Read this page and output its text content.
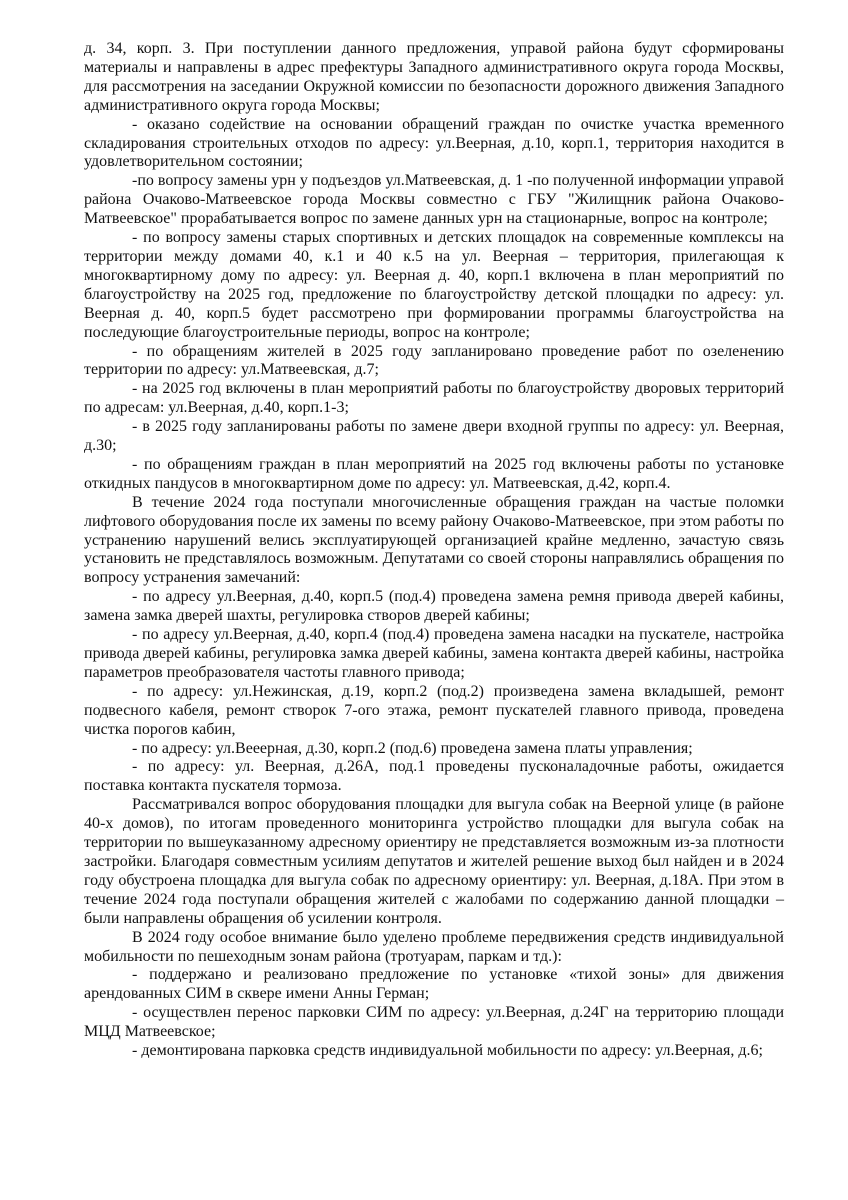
д. 34, корп. 3. При поступлении данного предложения, управой района будут сформированы материалы и направлены в адрес префектуры Западного административного округа города Москвы, для рассмотрения на заседании Окружной комиссии по безопасности дорожного движения Западного административного округа города Москвы;

- оказано содействие на основании обращений граждан по очистке участка временного складирования строительных отходов по адресу: ул.Веерная, д.10, корп.1, территория находится в удовлетворительном состоянии;

-по вопросу замены урн у подъездов ул.Матвеевская, д. 1 -по полученной информации управой района Очаково-Матвеевское города Москвы совместно с ГБУ "Жилищник района Очаково-Матвеевское" прорабатывается вопрос по замене данных урн на стационарные, вопрос на контроле;

- по вопросу замены старых спортивных и детских площадок на современные комплексы на территории между домами 40, к.1 и 40 к.5 на ул. Веерная – территория, прилегающая к многоквартирному дому по адресу: ул. Веерная д. 40, корп.1 включена в план мероприятий по благоустройству на 2025 год, предложение по благоустройству детской площадки по адресу: ул. Веерная д. 40, корп.5 будет рассмотрено при формировании программы благоустройства на последующие благоустроительные периоды, вопрос на контроле;

- по обращениям жителей в 2025 году запланировано проведение работ по озеленению территории по адресу: ул.Матвеевская, д.7;

- на 2025 год включены в план мероприятий работы по благоустройству дворовых территорий по адресам: ул.Веерная, д.40, корп.1-3;

- в 2025 году запланированы работы по замене двери входной группы по адресу: ул. Веерная, д.30;

- по обращениям граждан в план мероприятий на 2025 год включены работы по установке откидных пандусов в многоквартирном доме по адресу: ул. Матвеевская, д.42, корп.4.

В течение 2024 года поступали многочисленные обращения граждан на частые поломки лифтового оборудования после их замены по всему району Очаково-Матвеевское, при этом работы по устранению нарушений велись эксплуатирующей организацией крайне медленно, зачастую связь установить не представлялось возможным. Депутатами со своей стороны направлялись обращения по вопросу устранения замечаний:

- по адресу ул.Веерная, д.40, корп.5 (под.4) проведена замена ремня привода дверей кабины, замена замка дверей шахты, регулировка створов дверей кабины;

- по адресу ул.Веерная, д.40, корп.4 (под.4) проведена замена насадки на пускателе, настройка привода дверей кабины, регулировка замка дверей кабины, замена контакта дверей кабины, настройка параметров преобразователя частоты главного привода;

- по адресу: ул.Нежинская, д.19, корп.2 (под.2) произведена замена вкладышей, ремонт подвесного кабеля, ремонт створок 7-ого этажа, ремонт пускателей главного привода, проведена чистка порогов кабин,

- по адресу: ул.Вееерная, д.30, корп.2 (под.6) проведена замена платы управления;

- по адресу: ул. Веерная, д.26А, под.1 проведены пусконаладочные работы, ожидается поставка контакта пускателя тормоза.

Рассматривался вопрос оборудования площадки для выгула собак на Веерной улице (в районе 40-х домов), по итогам проведенного мониторинга устройство площадки для выгула собак на территории по вышеуказанному адресному ориентиру не представляется возможным из-за плотности застройки. Благодаря совместным усилиям депутатов и жителей решение выход был найден и в 2024 году обустроена площадка для выгула собак по адресному ориентиру: ул. Веерная, д.18А. При этом в течение 2024 года поступали обращения жителей с жалобами по содержанию данной площадки – были направлены обращения об усилении контроля.

В 2024 году особое внимание было уделено проблеме передвижения средств индивидуальной мобильности по пешеходным зонам района (тротуарам, паркам и тд.):

- поддержано и реализовано предложение по установке «тихой зоны» для движения арендованных СИМ в сквере имени Анны Герман;

- осуществлен перенос парковки СИМ по адресу: ул.Веерная, д.24Г на территорию площади МЦД Матвеевское;

- демонтирована парковка средств индивидуальной мобильности по адресу: ул.Веерная, д.6;
